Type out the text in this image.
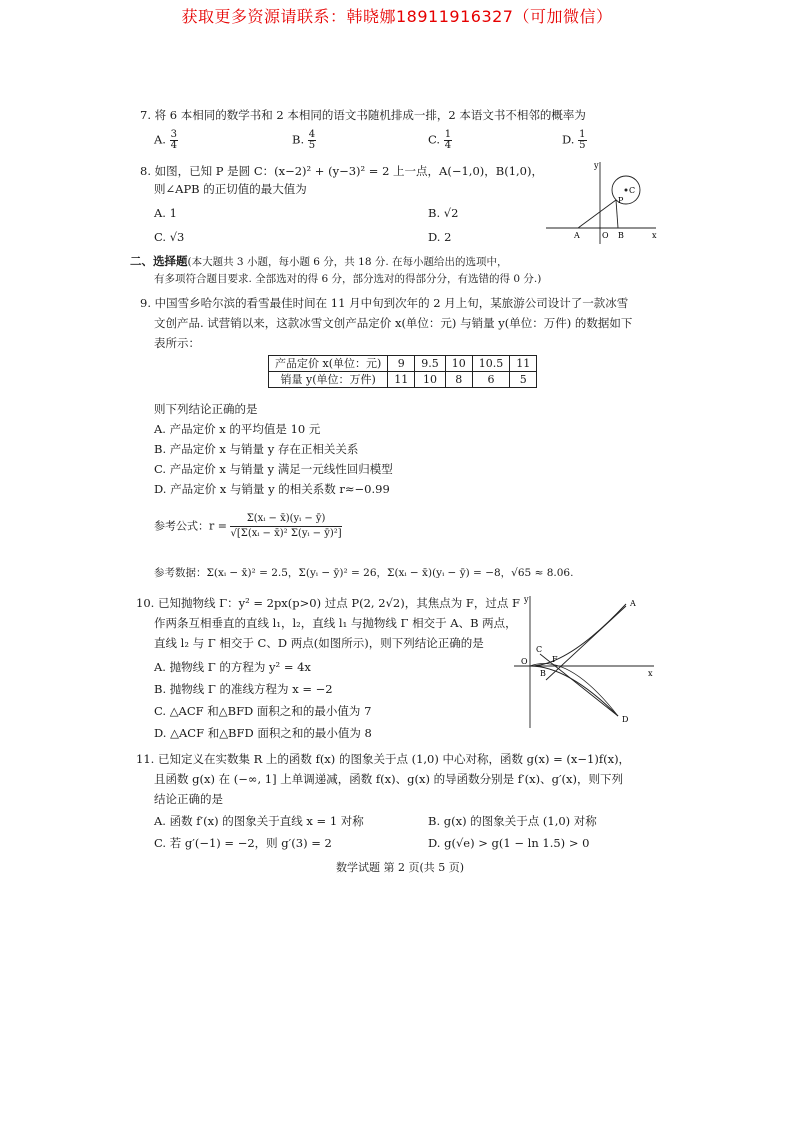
获取更多资源请联系：韩晓娜18911916327（可加微信）
7. 将 6 本相同的数学书和 2 本相同的语文书随机排成一排，2 本语文书不相邻的概率为
A. $\frac{3}{4}$	B. $\frac{4}{5}$	C. $\frac{1}{4}$	D. $\frac{1}{5}$
8. 如图，已知 P 是圆 C：(x−2)² + (y−3)² = 2 上一点，A(−1,0)，B(1,0)，
则∠APB 的正切值的最大值为
A. 1	B. √2
C. √3	D. 2
y
x
C
P
A	O B
二、选择题(本大题共 3 小题，每小题 6 分，共 18 分. 在每小题给出的选项中，
有多项符合题目要求. 全部选对的得 6 分，部分选对的得部分分，有选错的得 0 分.)
9. 中国雪乡哈尔滨的看雪最佳时间在 11 月中旬到次年的 2 月上旬，某旅游公司设计了一款冰雪
文创产品. 试营销以来，这款冰雪文创产品定价 x(单位：元) 与销量 y(单位：万件) 的数据如下
表所示：
产品定价 x(单位：元)	9	9.5	10	10.5	11
销量 y(单位：万件)	11	10	8	6	5
则下列结论正确的是
A. 产品定价 x 的平均值是 10 元
B. 产品定价 x 与销量 y 存在正相关关系
C. 产品定价 x 与销量 y 满足一元线性回归模型
D. 产品定价 x 与销量 y 的相关系数 r≈−0.99
参考公式：$r = \frac{\text{Σ(xᵢ − x̄)(yᵢ − ȳ)}}{\text{√[Σ(xᵢ − x̄)² Σ(yᵢ − ȳ)²]}}$
参考数据：Σ(xᵢ − x̄)² = 2.5，Σ(yᵢ − ȳ)² = 26，Σ(xᵢ − x̄)(yᵢ − ȳ) = −8，√65 ≈ 8.06.
10. 已知抛物线 Γ：y² = 2px(p>0) 过点 P(2, 2√2)，其焦点为 F，过点 F
作两条互相垂直的直线 l₁，l₂，直线 l₁ 与抛物线 Γ 相交于 A、B 两点，
直线 l₂ 与 Γ 相交于 C、D 两点(如图所示)，则下列结论正确的是
A. 抛物线 Γ 的方程为 y² = 4x
B. 抛物线 Γ 的准线方程为 x = −2
C. △ACF 和△BFD 面积之和的最小值为 7
D. △ACF 和△BFD 面积之和的最小值为 8
y
x
A
C
F
O
B
D
11. 已知定义在实数集 R 上的函数 f(x) 的图象关于点 (1,0) 中心对称，函数 g(x) = (x−1)f(x)，
且函数 g(x) 在 (−∞, 1] 上单调递减，函数 f(x)、g(x) 的导函数分别是 f′(x)、g′(x)，则下列
结论正确的是
A. 函数 f′(x) 的图象关于直线 x = 1 对称	B. g(x) 的图象关于点 (1,0) 对称
C. 若 g′(−1) = −2，则 g′(3) = 2	D. g(√e) > g(1 − ln 1.5) > 0
数学试题 第 2 页(共 5 页)
